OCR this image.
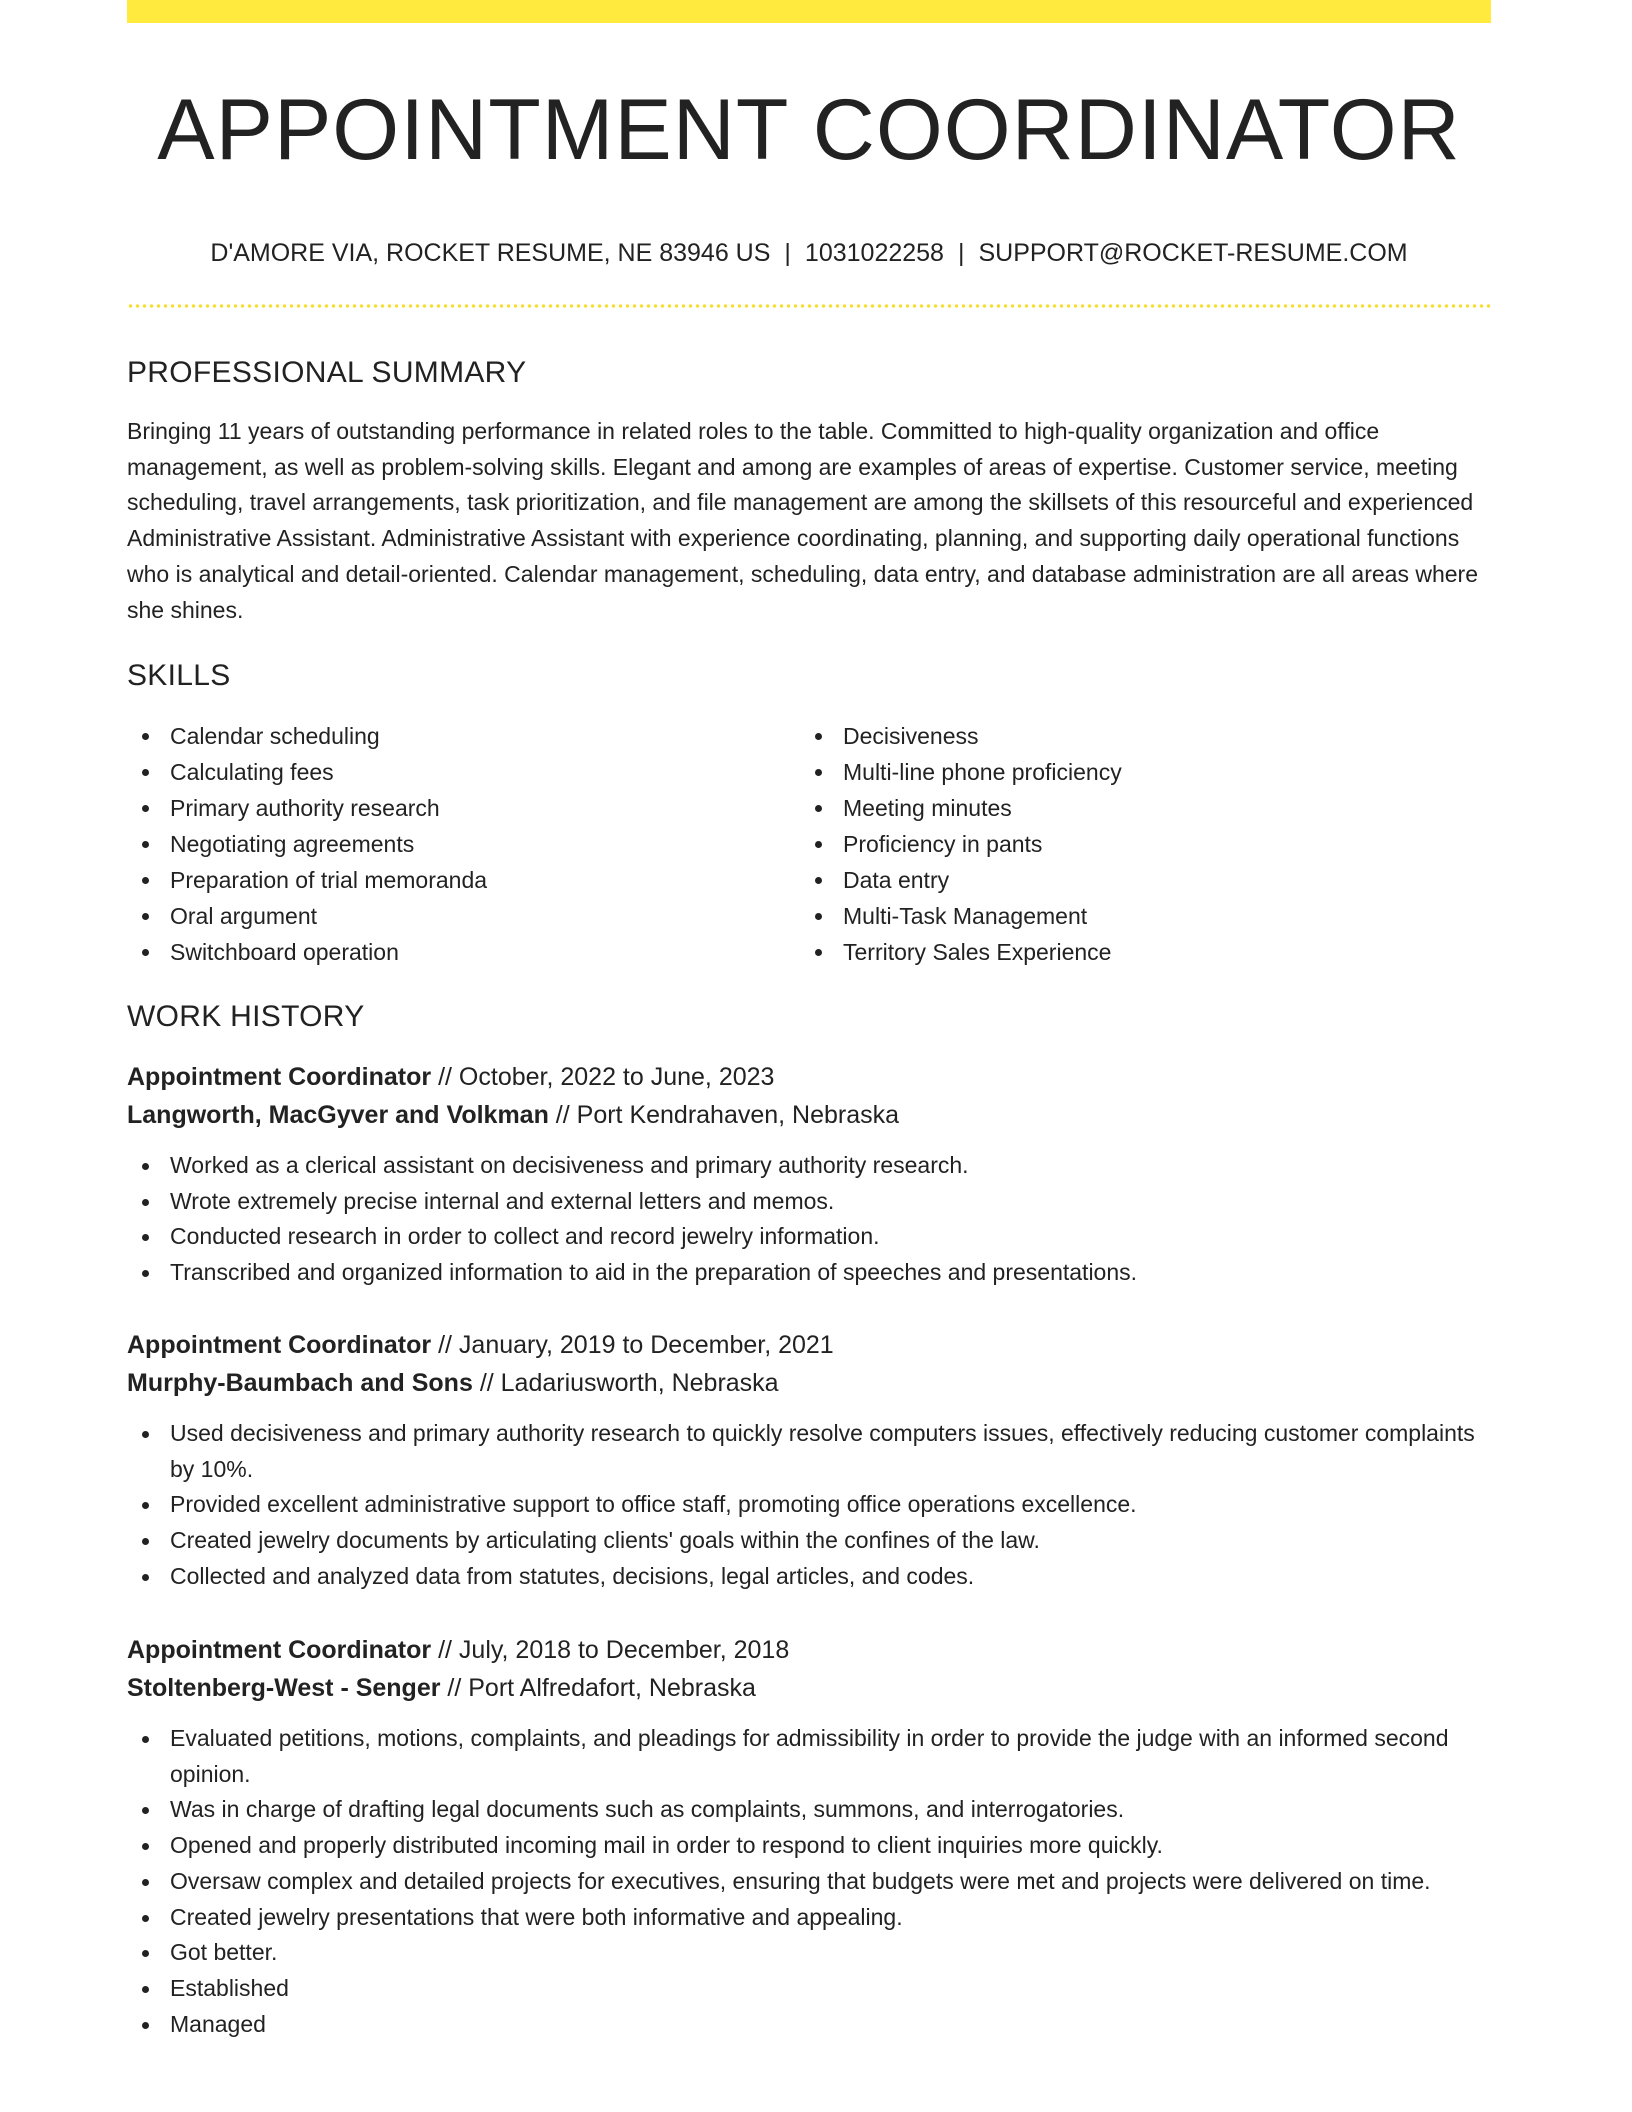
APPOINTMENT COORDINATOR
D'AMORE VIA, ROCKET RESUME, NE 83946 US | 1031022258 | SUPPORT@ROCKET-RESUME.COM
PROFESSIONAL SUMMARY

Bringing 11 years of outstanding performance in related roles to the table. Committed to high-quality organization and office management, as well as problem-solving skills. Elegant and among are examples of areas of expertise. Customer service, meeting scheduling, travel arrangements, task prioritization, and file management are among the skillsets of this resourceful and experienced Administrative Assistant. Administrative Assistant with experience coordinating, planning, and supporting daily operational functions who is analytical and detail-oriented. Calendar management, scheduling, data entry, and database administration are all areas where she shines.

SKILLS
Calendar scheduling
Calculating fees
Primary authority research
Negotiating agreements
Preparation of trial memoranda
Oral argument
Switchboard operation
Decisiveness
Multi-line phone proficiency
Meeting minutes
Proficiency in pants
Data entry
Multi-Task Management
Territory Sales Experience
WORK HISTORY
Appointment Coordinator // October, 2022 to June, 2023
Langworth, MacGyver and Volkman // Port Kendrahaven, Nebraska
Worked as a clerical assistant on decisiveness and primary authority research.
Wrote extremely precise internal and external letters and memos.
Conducted research in order to collect and record jewelry information.
Transcribed and organized information to aid in the preparation of speeches and presentations.
Appointment Coordinator // January, 2019 to December, 2021
Murphy-Baumbach and Sons // Ladariusworth, Nebraska
Used decisiveness and primary authority research to quickly resolve computers issues, effectively reducing customer complaints by 10%.
Provided excellent administrative support to office staff, promoting office operations excellence.
Created jewelry documents by articulating clients' goals within the confines of the law.
Collected and analyzed data from statutes, decisions, legal articles, and codes.
Appointment Coordinator // July, 2018 to December, 2018
Stoltenberg-West - Senger // Port Alfredafort, Nebraska
Evaluated petitions, motions, complaints, and pleadings for admissibility in order to provide the judge with an informed second opinion.
Was in charge of drafting legal documents such as complaints, summons, and interrogatories.
Opened and properly distributed incoming mail in order to respond to client inquiries more quickly.
Oversaw complex and detailed projects for executives, ensuring that budgets were met and projects were delivered on time.
Created jewelry presentations that were both informative and appealing.
Got better.
Established
Managed
